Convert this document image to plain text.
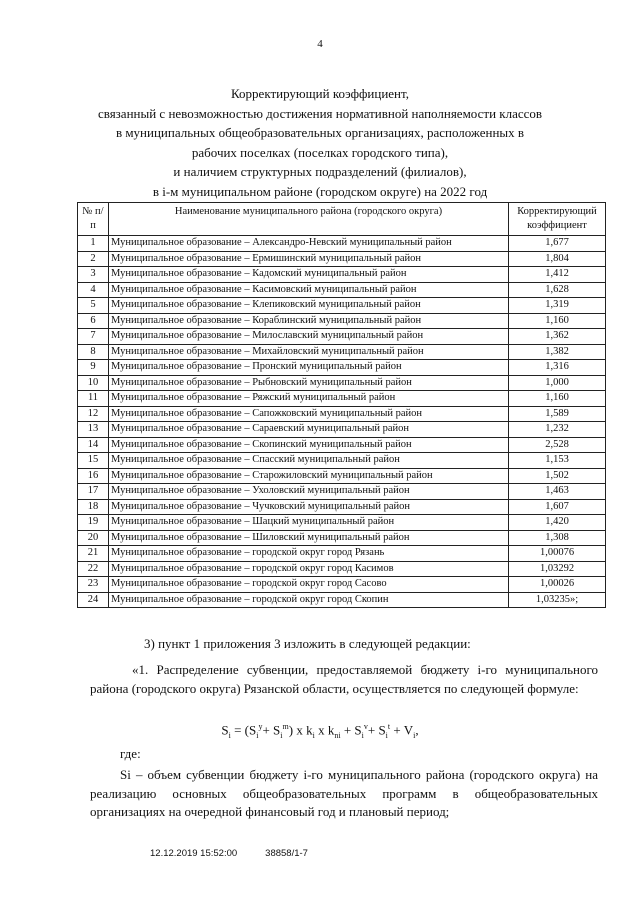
4
Корректирующий коэффициент,
связанный с невозможностью достижения нормативной наполняемости классов
в муниципальных общеобразовательных организациях, расположенных в
рабочих поселках (поселках городского типа),
и наличием структурных подразделений (филиалов),
в i-м муниципальном районе (городском округе) на 2022 год
№ п/п	Наименование муниципального района (городского округа)	Корректирующий коэффициент
1	Муниципальное образование – Александро-Невский муниципальный район	1,677
2	Муниципальное образование – Ермишинский муниципальный район	1,804
3	Муниципальное образование – Кадомский муниципальный район	1,412
4	Муниципальное образование – Касимовский муниципальный район	1,628
5	Муниципальное образование – Клепиковский муниципальный район	1,319
6	Муниципальное образование – Кораблинский муниципальный район	1,160
7	Муниципальное образование – Милославский муниципальный район	1,362
8	Муниципальное образование – Михайловский муниципальный район	1,382
9	Муниципальное образование – Пронский муниципальный район	1,316
10	Муниципальное образование – Рыбновский муниципальный район	1,000
11	Муниципальное образование – Ряжский муниципальный район	1,160
12	Муниципальное образование – Сапожковский муниципальный район	1,589
13	Муниципальное образование – Сараевский муниципальный район	1,232
14	Муниципальное образование – Скопинский муниципальный район	2,528
15	Муниципальное образование – Спасский муниципальный район	1,153
16	Муниципальное образование – Старожиловский муниципальный район	1,502
17	Муниципальное образование – Ухоловский муниципальный район	1,463
18	Муниципальное образование – Чучковский муниципальный район	1,607
19	Муниципальное образование – Шацкий муниципальный район	1,420
20	Муниципальное образование – Шиловский муниципальный район	1,308
21	Муниципальное образование – городской округ город Рязань	1,00076
22	Муниципальное образование – городской округ город Касимов	1,03292
23	Муниципальное образование – городской округ город Сасово	1,00026
24	Муниципальное образование – городской округ город Скопин	1,03235»;
3) пункт 1 приложения 3 изложить в следующей редакции:
«1. Распределение субвенции, предоставляемой бюджету i-го муниципального района (городского округа) Рязанской области, осуществляется по следующей формуле:
$S_i = (S_i^y+ S_i^m)$ x $k_i$ x $k_{ni} + S_i^v+ S_i^t + V_i$,
где:
Si – объем субвенции бюджету i-го муниципального района (городского округа) на реализацию основных общеобразовательных программ в общеобразовательных организациях на очередной финансовый год и плановый период;
12.12.2019 15:52:00	38858/1-7
